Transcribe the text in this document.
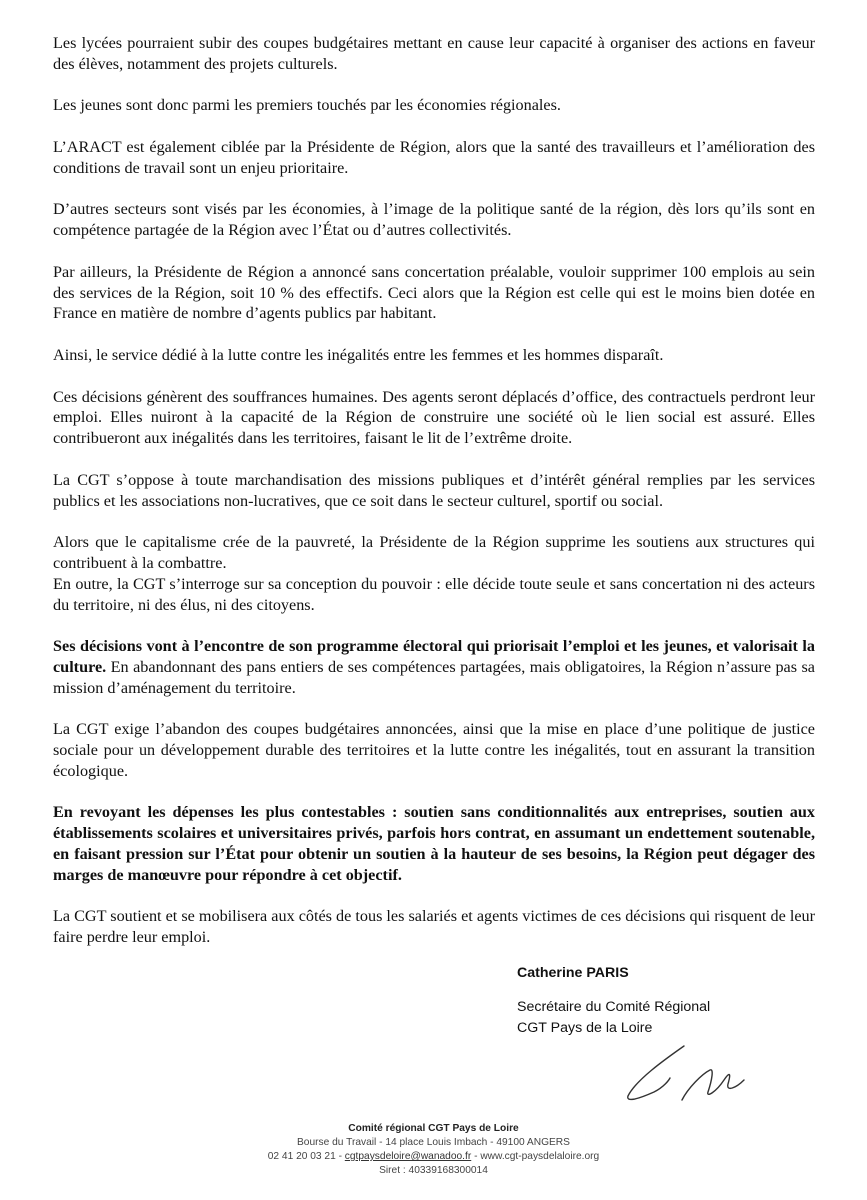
Les lycées pourraient subir des coupes budgétaires mettant en cause leur capacité à organiser des actions en faveur des élèves, notamment des projets culturels.

Les jeunes sont donc parmi les premiers touchés par les économies régionales.

L’ARACT est également ciblée par la Présidente de Région, alors que la santé des travailleurs et l’amélioration des conditions de travail sont un enjeu prioritaire.

D’autres secteurs sont visés par les économies, à l’image de la politique santé de la région, dès lors qu’ils sont en compétence partagée de la Région avec l’État ou d’autres collectivités.

Par ailleurs, la Présidente de Région a annoncé sans concertation préalable, vouloir supprimer 100 emplois au sein des services de la Région, soit 10 % des effectifs. Ceci alors que la Région est celle qui est le moins bien dotée en France en matière de nombre d’agents publics par habitant.

Ainsi, le service dédié à la lutte contre les inégalités entre les femmes et les hommes disparaît.

Ces décisions génèrent des souffrances humaines. Des agents seront déplacés d’office, des contractuels perdront leur emploi. Elles nuiront à la capacité de la Région de construire une société où le lien social est assuré. Elles contribueront aux inégalités dans les territoires, faisant le lit de l’extrême droite.

La CGT s’oppose à toute marchandisation des missions publiques et d’intérêt général remplies par les services publics et les associations non-lucratives, que ce soit dans le secteur culturel, sportif ou social.

Alors que le capitalisme crée de la pauvreté, la Présidente de la Région supprime les soutiens aux structures qui contribuent à la combattre.

En outre, la CGT s’interroge sur sa conception du pouvoir : elle décide toute seule et sans concertation ni des acteurs du territoire, ni des élus, ni des citoyens.

Ses décisions vont à l’encontre de son programme électoral qui priorisait l’emploi et les jeunes, et valorisait la culture. En abandonnant des pans entiers de ses compétences partagées, mais obligatoires, la Région n’assure pas sa mission d’aménagement du territoire.

La CGT exige l’abandon des coupes budgétaires annoncées, ainsi que la mise en place d’une politique de justice sociale pour un développement durable des territoires et la lutte contre les inégalités, tout en assurant la transition écologique.

En revoyant les dépenses les plus contestables : soutien sans conditionnalités aux entreprises, soutien aux établissements scolaires et universitaires privés, parfois hors contrat, en assumant un endettement soutenable, en faisant pression sur l’État pour obtenir un soutien à la hauteur de ses besoins, la Région peut dégager des marges de manœuvre pour répondre à cet objectif.

La CGT soutient et se mobilisera aux côtés de tous les salariés et agents victimes de ces décisions qui risquent de leur faire perdre leur emploi.

Catherine PARIS
Secrétaire du Comité Régional
CGT Pays de la Loire
Comité régional CGT Pays de Loire
Bourse du Travail - 14 place Louis Imbach - 49100 ANGERS
02 41 20 03 21 - cgtpaysdeloire@wanadoo.fr - www.cgt-paysdelaloire.org
Siret : 40339168300014
